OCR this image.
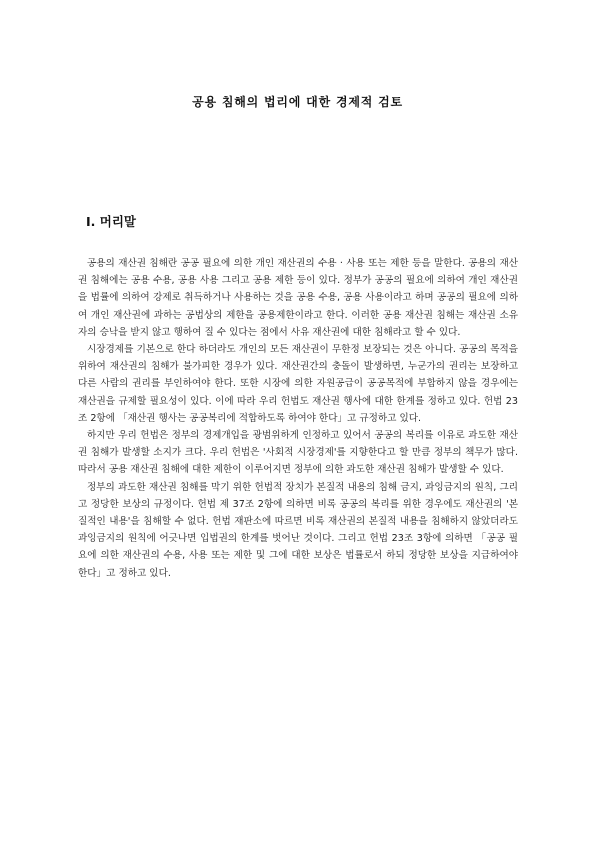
공용 침해의 법리에 대한 경제적 검토
Ⅰ. 머리말

공용의 재산권 침해란 공공 필요에 의한 개인 재산권의 수용 · 사용 또는 제한 등을 말한다. 공용의 재산권 침해에는 공용 수용, 공용 사용 그리고 공용 제한 등이 있다. 정부가 공공의 필요에 의하여 개인 재산권을 법률에 의하여 강제로 취득하거나 사용하는 것을 공용 수용, 공용 사용이라고 하며 공공의 필요에 의하여 개인 재산권에 과하는 공법상의 제한을 공용제한이라고 한다. 이러한 공용 재산권 침해는 재산권 소유자의 승낙을 받지 않고 행하여 질 수 있다는 점에서 사유 재산권에 대한 침해라고 할 수 있다.

시장경제를 기본으로 한다 하더라도 개인의 모든 재산권이 무한정 보장되는 것은 아니다. 공공의 목적을 위하여 재산권의 침해가 불가피한 경우가 있다. 재산권간의 충돌이 발생하면, 누군가의 권리는 보장하고 다른 사람의 권리를 부인하여야 한다. 또한 시장에 의한 자원공급이 공공목적에 부합하지 않을 경우에는 재산권을 규제할 필요성이 있다. 이에 따라 우리 헌법도 재산권 행사에 대한 한계를 정하고 있다. 헌법 23조 2항에 「재산권 행사는 공공복리에 적합하도록 하여야 한다」고 규정하고 있다.

하지만 우리 헌법은 정부의 경제개입을 광범위하게 인정하고 있어서 공공의 복리를 이유로 과도한 재산권 침해가 발생할 소지가 크다. 우리 헌법은 '사회적 시장경제'를 지향한다고 할 만큼 정부의 책무가 많다. 따라서 공용 재산권 침해에 대한 제한이 이루어지면 정부에 의한 과도한 재산권 침해가 발생할 수 있다.

정부의 과도한 재산권 침해를 막기 위한 헌법적 장치가 본질적 내용의 침해 금지, 과잉금지의 원칙, 그리고 정당한 보상의 규정이다. 헌법 제 37조 2항에 의하면 비록 공공의 복리를 위한 경우에도 재산권의 '본질적인 내용'을 침해할 수 없다. 헌법 재판소에 따르면 비록 재산권의 본질적 내용을 침해하지 않았더라도 과잉금지의 원칙에 어긋나면 입법권의 한계를 벗어난 것이다. 그리고 헌법 23조 3항에 의하면 「공공 필요에 의한 재산권의 수용, 사용 또는 제한 및 그에 대한 보상은 법률로서 하되 정당한 보상을 지급하여야 한다」고 정하고 있다.
